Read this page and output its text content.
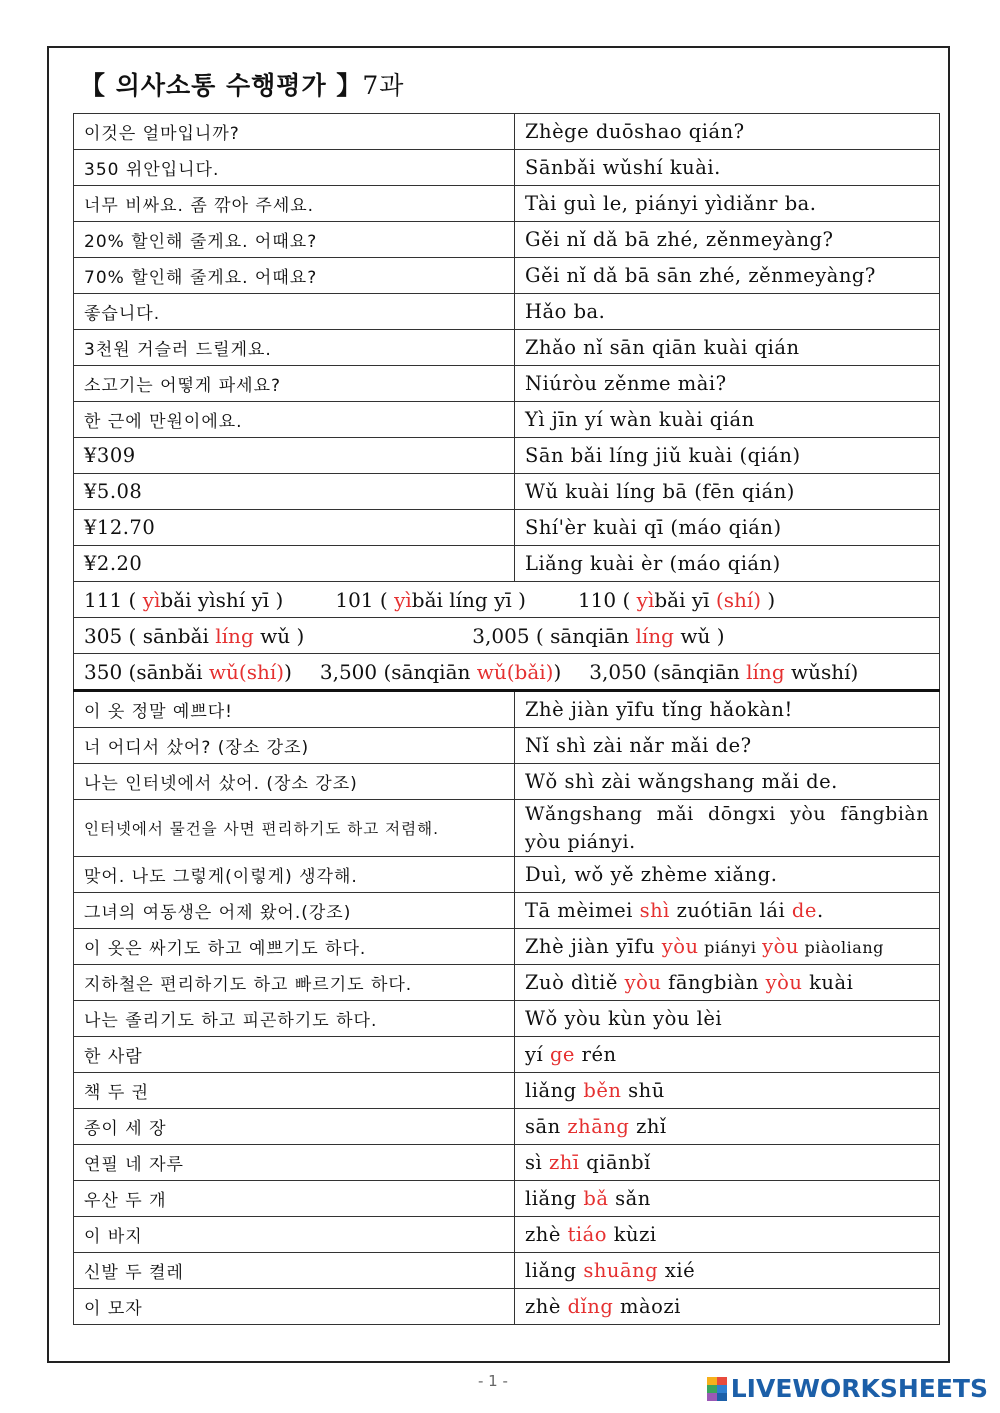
【 의사소통 수행평가 】7과
이것은 얼마입니까?	Zhège duōshao qián?
350 위안입니다.	Sānbǎi wǔshí kuài.
너무 비싸요. 좀 깎아 주세요.	Tài guì le, piányi yìdiǎnr ba.
20% 할인해 줄게요. 어때요?	Gěi nǐ dǎ bā zhé, zěnmeyàng?
70% 할인해 줄게요. 어때요?	Gěi nǐ dǎ bā sān zhé, zěnmeyàng?
좋습니다.	Hǎo ba.
3천원 거슬러 드릴게요.	Zhǎo nǐ sān qiān kuài qián
소고기는 어떻게 파세요?	Niúròu zěnme mài?
한 근에 만원이에요.	Yì jīn yí wàn kuài qián
¥309	Sān bǎi líng jiǔ kuài (qián)
¥5.08	Wǔ kuài líng bā (fēn qián)
¥12.70	Shí'èr kuài qī (máo qián)
¥2.20	Liǎng kuài èr (máo qián)
111 ( yìbǎi yìshí yī ) 101 ( yìbǎi líng yī ) 110 ( yìbǎi yī (shí) )	
305 ( sānbǎi líng wǔ ) 3,005 ( sānqiān líng wǔ )	
350 (sānbǎi wǔ(shí)) 3,500 (sānqiān wǔ(bǎi)) 3,050 (sānqiān líng wǔshí)	
이 옷 정말 예쁘다!	Zhè jiàn yīfu tǐng hǎokàn!
너 어디서 샀어? (장소 강조)	Nǐ shì zài nǎr mǎi de?
나는 인터넷에서 샀어. (장소 강조)	Wǒ shì zài wǎngshang mǎi de.
인터넷에서 물건을 사면 편리하기도 하고 저렴해.	Wǎngshang mǎi dōngxi yòu fāngbiàn yòu piányi.
맞어. 나도 그렇게(이렇게) 생각해.	Duì, wǒ yě zhème xiǎng.
그녀의 여동생은 어제 왔어.(강조)	Tā mèimei shì zuótiān lái de.
이 옷은 싸기도 하고 예쁘기도 하다.	Zhè jiàn yīfu yòu piányi yòu piàoliang
지하철은 편리하기도 하고 빠르기도 하다.	Zuò dìtiě yòu fāngbiàn yòu kuài
나는 졸리기도 하고 피곤하기도 하다.	Wǒ yòu kùn yòu lèi
한 사람	yí ge rén
책 두 권	liǎng běn shū
종이 세 장	sān zhāng zhǐ
연필 네 자루	sì zhī qiānbǐ
우산 두 개	liǎng bǎ sǎn
이 바지	zhè tiáo kùzi
신발 두 켤레	liǎng shuāng xié
이 모자	zhè dǐng màozi
- 1 -	LIVEWORKSHEETS
